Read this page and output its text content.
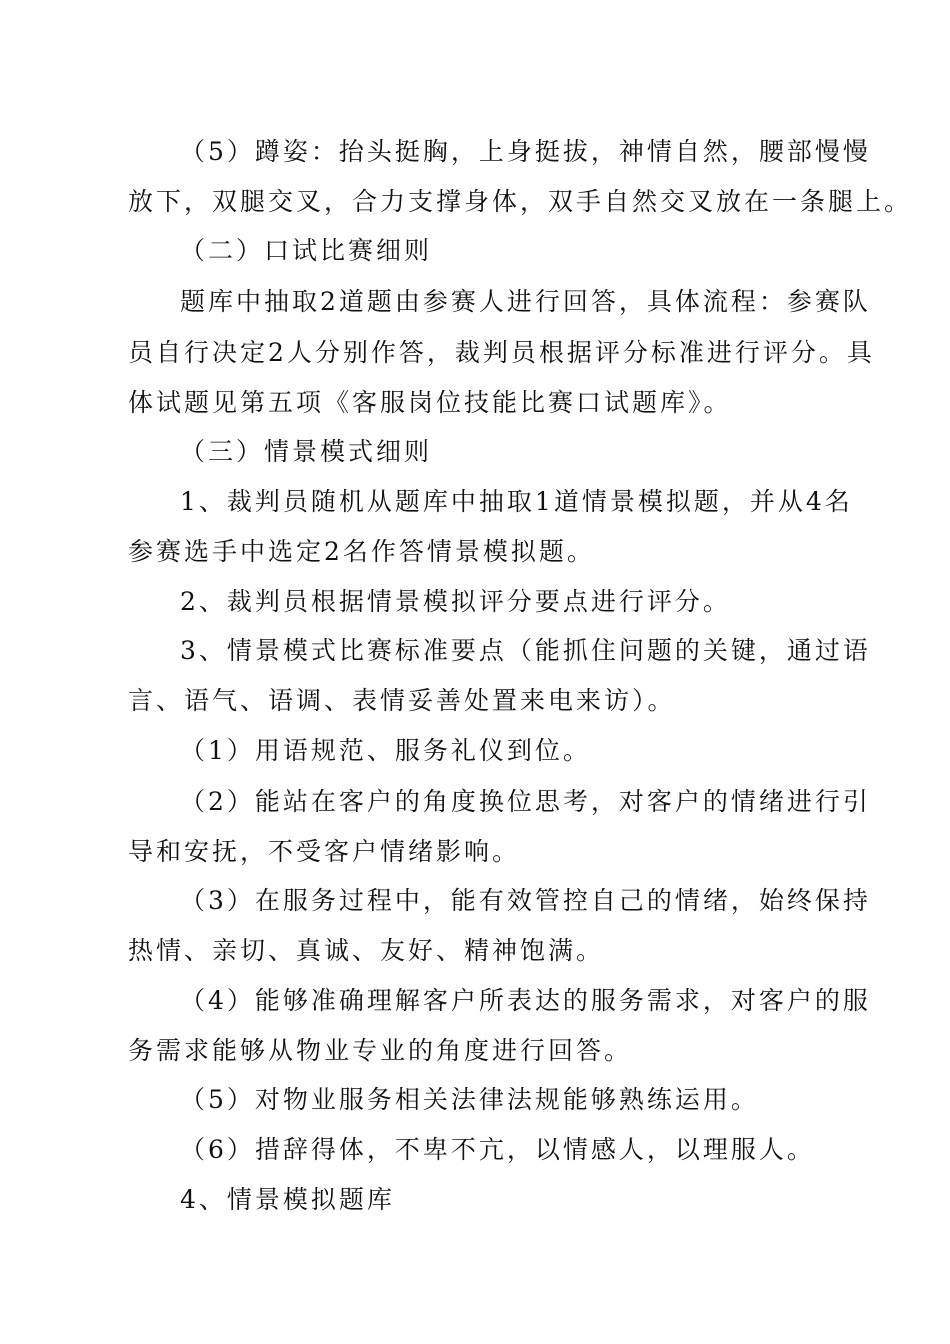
（5）蹲姿：抬头挺胸，上身挺拔，神情自然，腰部慢慢

放下，双腿交叉，合力支撑身体，双手自然交叉放在一条腿上。

（二）口试比赛细则

题库中抽取2道题由参赛人进行回答，具体流程：参赛队

员自行决定2人分别作答，裁判员根据评分标准进行评分。具

体试题见第五项《客服岗位技能比赛口试题库》。

（三）情景模式细则

1、裁判员随机从题库中抽取1道情景模拟题，并从4名

参赛选手中选定2名作答情景模拟题。

2、裁判员根据情景模拟评分要点进行评分。

3、情景模式比赛标准要点（能抓住问题的关键，通过语

言、语气、语调、表情妥善处置来电来访）。

（1）用语规范、服务礼仪到位。

（2）能站在客户的角度换位思考，对客户的情绪进行引

导和安抚，不受客户情绪影响。

（3）在服务过程中，能有效管控自己的情绪，始终保持

热情、亲切、真诚、友好、精神饱满。

（4）能够准确理解客户所表达的服务需求，对客户的服

务需求能够从物业专业的角度进行回答。

（5）对物业服务相关法律法规能够熟练运用。

（6）措辞得体，不卑不亢，以情感人，以理服人。

4、情景模拟题库
